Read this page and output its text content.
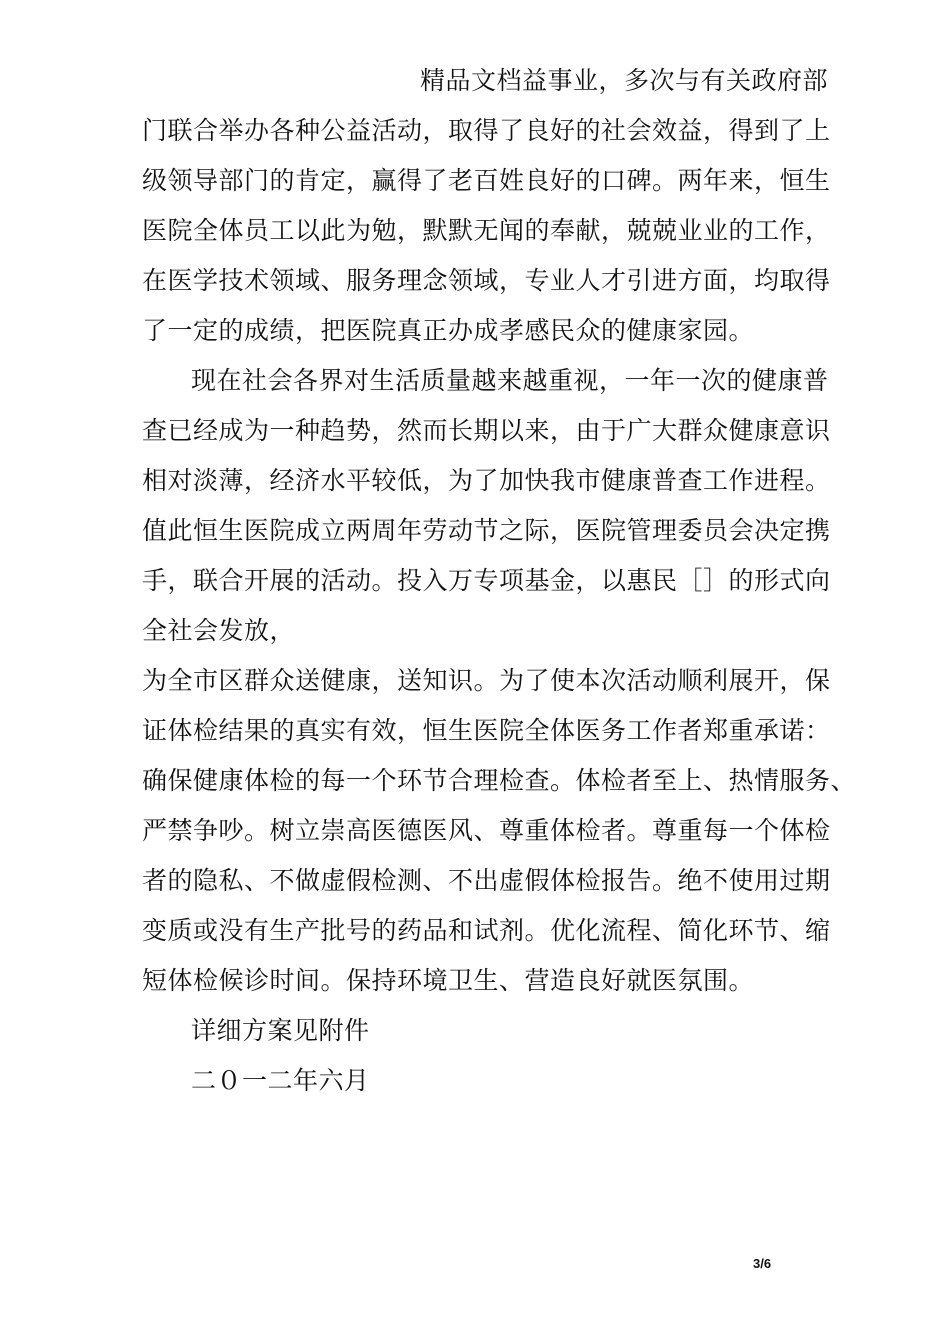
精品文档益事业，多次与有关政府部
门联合举办各种公益活动，取得了良好的社会效益，得到了上
级领导部门的肯定，赢得了老百姓良好的口碑。两年来，恒生
医院全体员工以此为勉，默默无闻的奉献，兢兢业业的工作，
在医学技术领域、服务理念领域，专业人才引进方面，均取得
了一定的成绩，把医院真正办成孝感民众的健康家园。
现在社会各界对生活质量越来越重视，一年一次的健康普
查已经成为一种趋势，然而长期以来，由于广大群众健康意识
相对淡薄，经济水平较低，为了加快我市健康普查工作进程。
值此恒生医院成立两周年劳动节之际，医院管理委员会决定携
手，联合开展的活动。投入万专项基金，以惠民［］的形式向
全社会发放，
为全市区群众送健康，送知识。为了使本次活动顺利展开，保
证体检结果的真实有效，恒生医院全体医务工作者郑重承诺：
确保健康体检的每一个环节合理检查。体检者至上、热情服务、
严禁争吵。树立崇高医德医风、尊重体检者。尊重每一个体检
者的隐私、不做虚假检测、不出虚假体检报告。绝不使用过期
变质或没有生产批号的药品和试剂。优化流程、简化环节、缩
短体检候诊时间。保持环境卫生、营造良好就医氛围。
详细方案见附件
二０一二年六月
3/6
